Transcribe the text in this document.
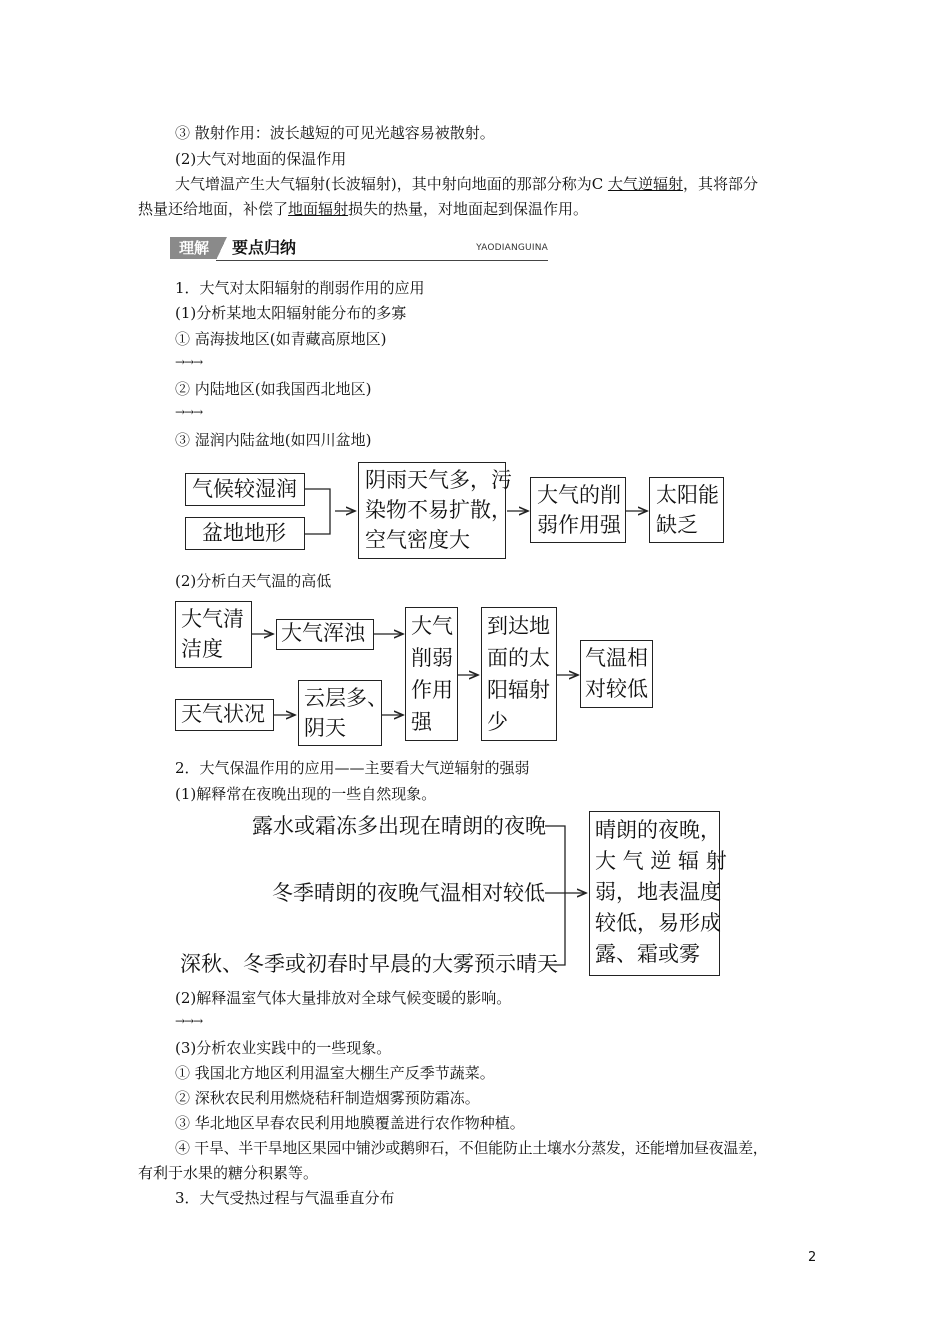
③ 散射作用：波长越短的可见光越容易被散射。
(2)大气对地面的保温作用
大气增温产生大气辐射(长波辐射)，其中射向地面的那部分称为C 大气逆辐射，其将部分
热量还给地面，补偿了地面辐射损失的热量，对地面起到保温作用。
理解	要点归纳	YAODIANGUINA
1．大气对太阳辐射的削弱作用的应用
(1)分析某地太阳辐射能分布的多寡
① 高海拔地区(如青藏高原地区)
→→→
② 内陆地区(如我国西北地区)
→→→
③ 湿润内陆盆地(如四川盆地)
气候较湿润
盆地地形
阴雨天气多，污
染物不易扩散，
空气密度大
大气的削
弱作用强
太阳能
缺乏
(2)分析白天气温的高低
大气清
洁度
大气浑浊
天气状况
云层多、
阴天
大气
削弱
作用
强
到达地
面的太
阳辐射
少
气温相
对较低
2．大气保温作用的应用——主要看大气逆辐射的强弱
(1)解释常在夜晚出现的一些自然现象。
露水或霜冻多出现在晴朗的夜晚
冬季晴朗的夜晚气温相对较低
深秋、冬季或初春时早晨的大雾预示晴天
晴朗的夜晚，
大 气 逆 辐 射
弱，地表温度
较低，易形成
露、霜或雾
(2)解释温室气体大量排放对全球气候变暖的影响。
→→→
(3)分析农业实践中的一些现象。
① 我国北方地区利用温室大棚生产反季节蔬菜。
② 深秋农民利用燃烧秸秆制造烟雾预防霜冻。
③ 华北地区早春农民利用地膜覆盖进行农作物种植。
④ 干旱、半干旱地区果园中铺沙或鹅卵石，不但能防止土壤水分蒸发，还能增加昼夜温差，
有利于水果的糖分积累等。
3．大气受热过程与气温垂直分布
2
